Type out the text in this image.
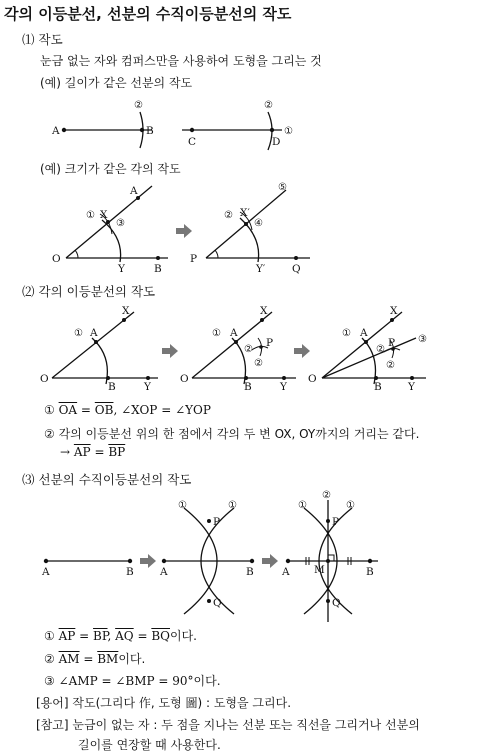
각의 이등분선, 선분의 수직이등분선의 작도
⑴ 작도
눈금 없는 자와 컴퍼스만을 사용하여 도형을 그리는 것
(예) 길이가 같은 선분의 작도
(예) 크기가 같은 각의 작도
⑵ 각의 이등분선의 작도
① $\overline{OA} = \overline{OB}$, ∠XOP = ∠YOP
② 각의 이등분선 위의 한 점에서 각의 두 변 OX, OY까지의 거리는 같다.
→ $\overline{AP} = \overline{BP}$
⑶ 선분의 수직이등분선의 작도
① $\overline{AP} = \overline{BP}$, $\overline{AQ} = \overline{BQ}$이다.
② $\overline{AM} = \overline{BM}$이다.
③ ∠AMP = ∠BMP = 90°이다.
[용어] 작도(그리다 作, 도형 圖) : 도형을 그리다.
[참고] 눈금이 없는 자 : 두 점을 지나는 선분 또는 직선을 그리거나 선분의
길이를 연장할 때 사용한다.
A	B
②
C	D
②
①
O
A
X
Y	B
①
③
P
X′
Y′	Q
②
④
⑤
O
A
B
X
Y
①
O
A
B
X
Y
P
①
②
②
O
A
B
X
Y
P
①
②
②
③
A	B	A	B
P
Q
①	①
A	B
P
Q
M
①	①
②
